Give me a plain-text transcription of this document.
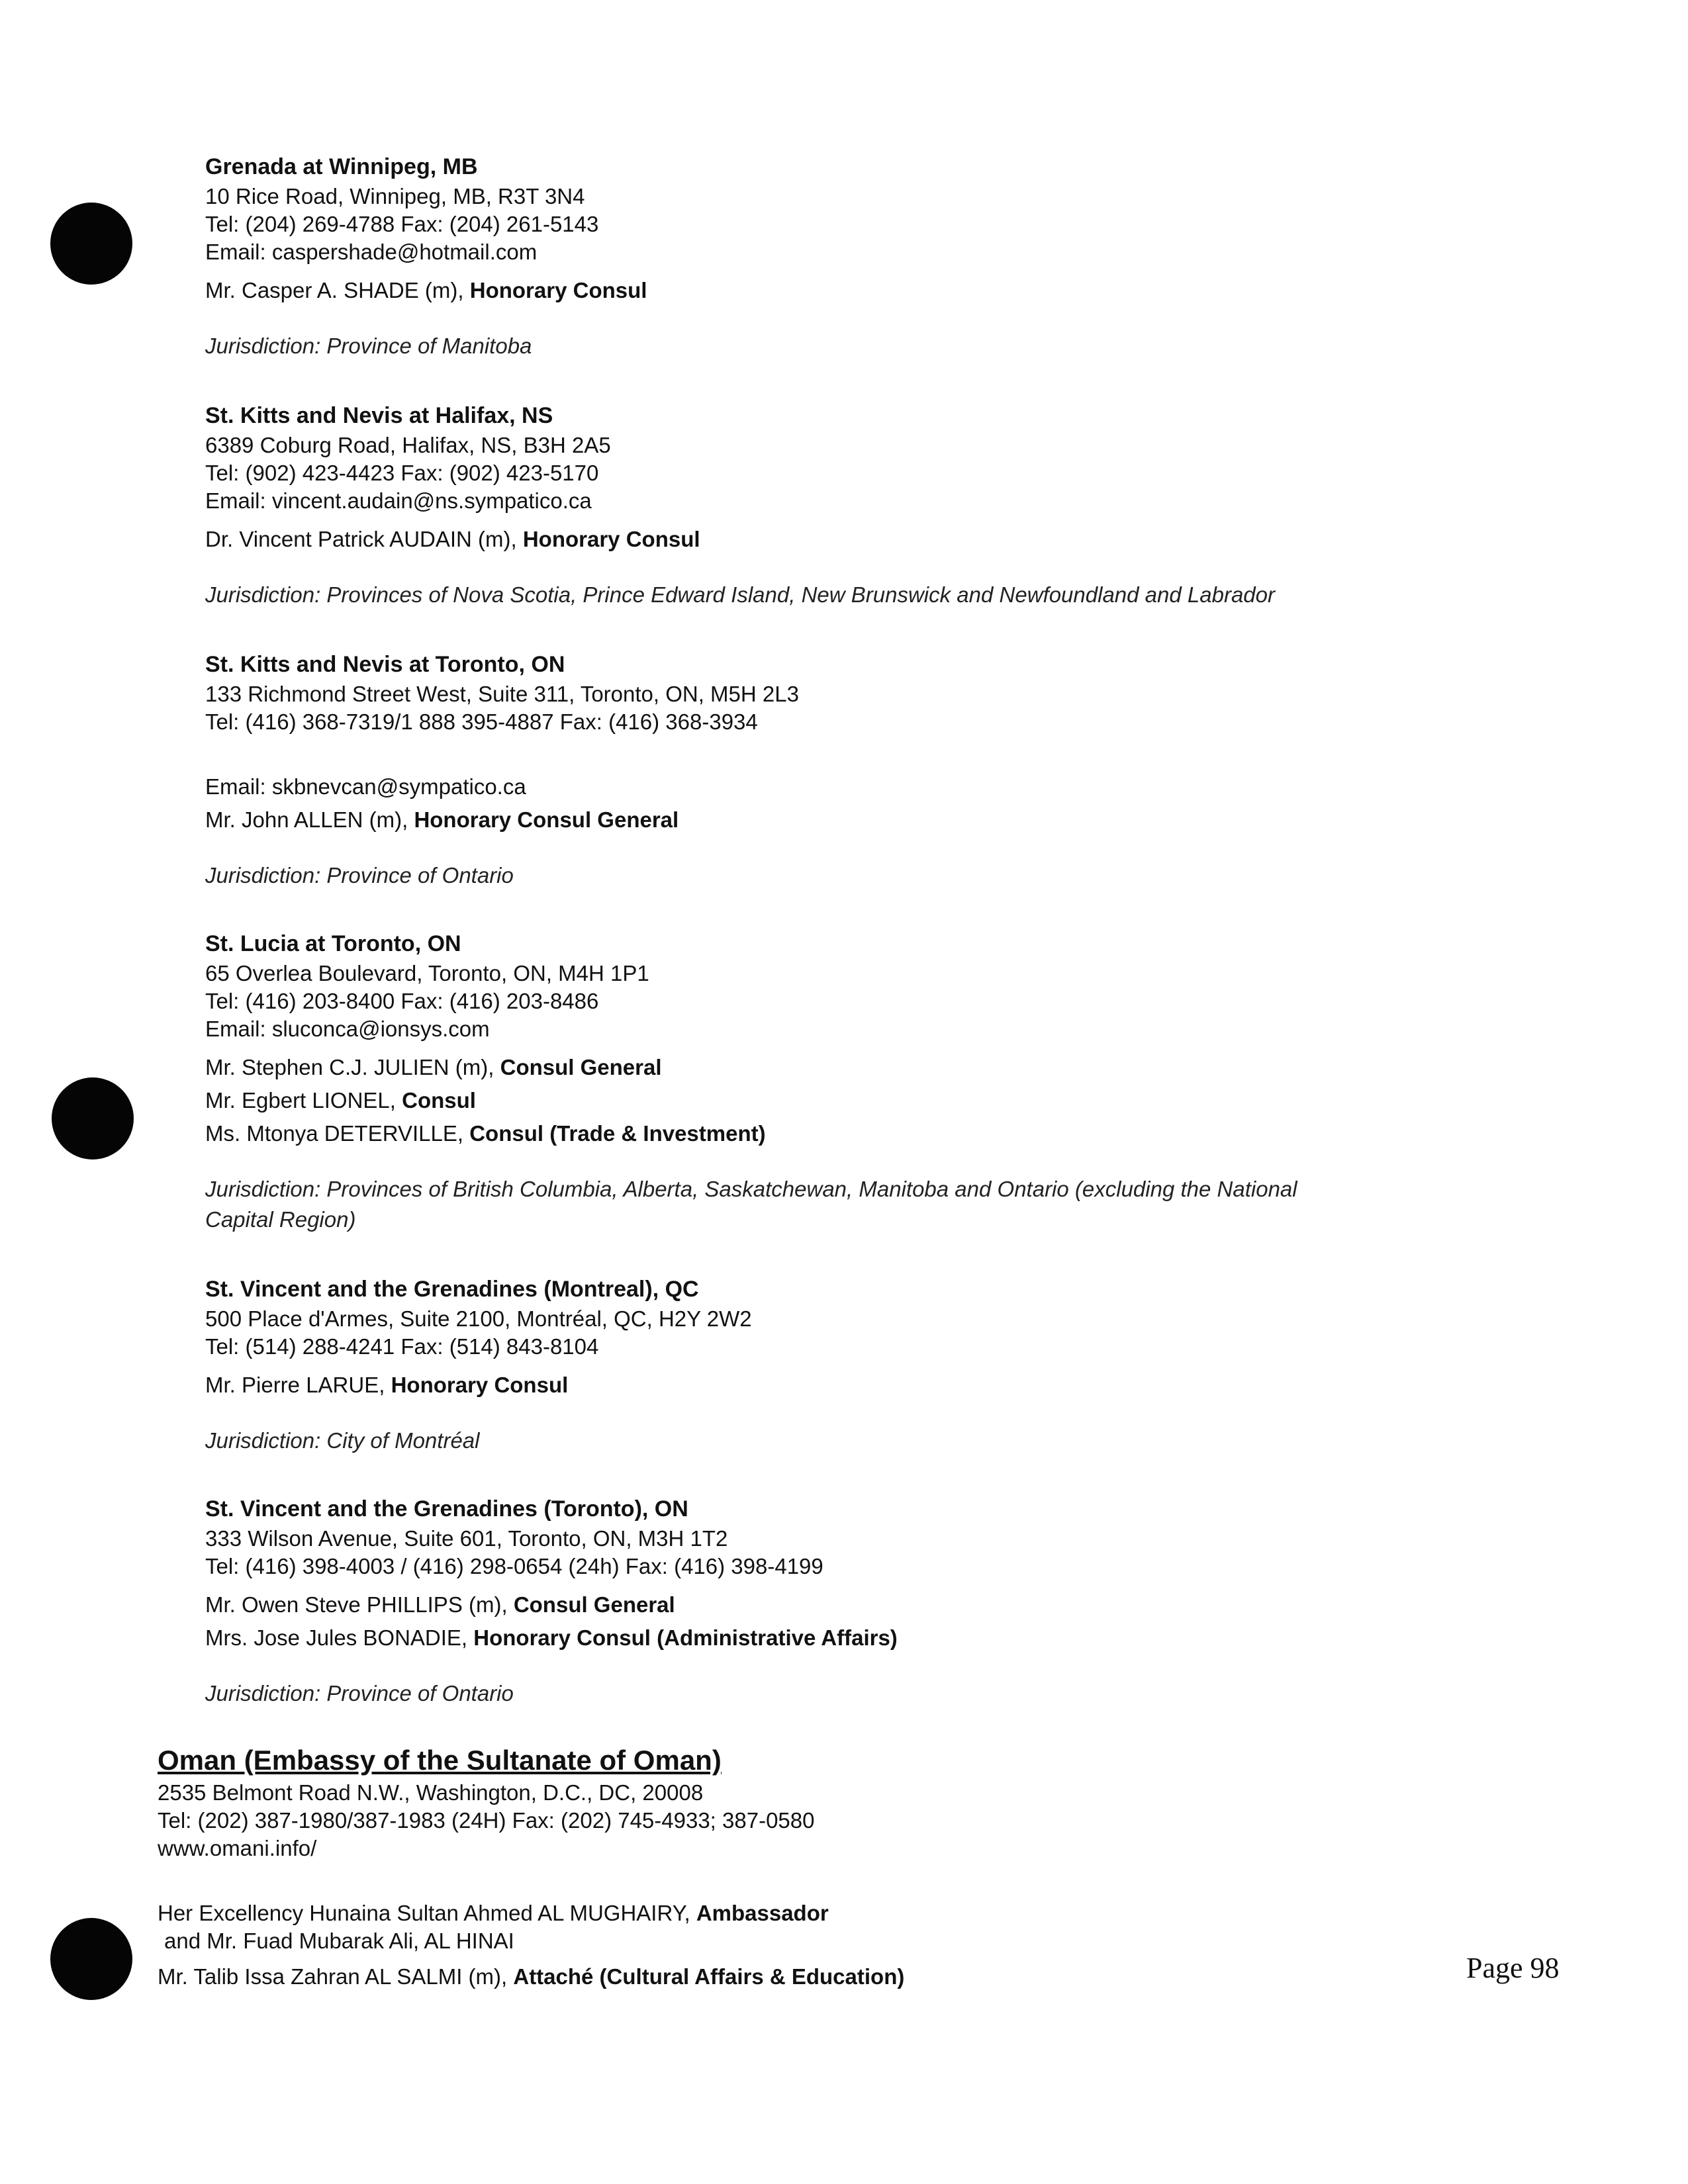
Grenada at Winnipeg, MB
10 Rice Road, Winnipeg, MB, R3T 3N4
Tel: (204) 269-4788 Fax: (204) 261-5143
Email: caspershade@hotmail.com
Mr. Casper A. SHADE (m), Honorary Consul
Jurisdiction: Province of Manitoba
St. Kitts and Nevis at Halifax, NS
6389 Coburg Road, Halifax, NS, B3H 2A5
Tel: (902) 423-4423 Fax: (902) 423-5170
Email: vincent.audain@ns.sympatico.ca
Dr. Vincent Patrick AUDAIN (m), Honorary Consul
Jurisdiction: Provinces of Nova Scotia, Prince Edward Island, New Brunswick and Newfoundland and Labrador
St. Kitts and Nevis at Toronto, ON
133 Richmond Street West, Suite 311, Toronto, ON, M5H 2L3
Tel: (416) 368-7319/1 888 395-4887 Fax: (416) 368-3934
Email: skbnevcan@sympatico.ca
Mr. John ALLEN (m), Honorary Consul General
Jurisdiction: Province of Ontario
St. Lucia at Toronto, ON
65 Overlea Boulevard, Toronto, ON, M4H 1P1
Tel: (416) 203-8400 Fax: (416) 203-8486
Email: sluconca@ionsys.com
Mr. Stephen C.J. JULIEN (m), Consul General
Mr. Egbert LIONEL, Consul
Ms. Mtonya DETERVILLE, Consul (Trade & Investment)
Jurisdiction: Provinces of British Columbia, Alberta, Saskatchewan, Manitoba and Ontario (excluding the National
Capital Region)
St. Vincent and the Grenadines (Montreal), QC
500 Place d'Armes, Suite 2100, Montréal, QC, H2Y 2W2
Tel: (514) 288-4241 Fax: (514) 843-8104
Mr. Pierre LARUE, Honorary Consul
Jurisdiction: City of Montréal
St. Vincent and the Grenadines (Toronto), ON
333 Wilson Avenue, Suite 601, Toronto, ON, M3H 1T2
Tel: (416) 398-4003 / (416) 298-0654 (24h) Fax: (416) 398-4199
Mr. Owen Steve PHILLIPS (m), Consul General
Mrs. Jose Jules BONADIE, Honorary Consul (Administrative Affairs)
Jurisdiction: Province of Ontario
Oman (Embassy of the Sultanate of Oman)
2535 Belmont Road N.W., Washington, D.C., DC, 20008
Tel: (202) 387-1980/387-1983 (24H) Fax: (202) 745-4933; 387-0580
www.omani.info/
Her Excellency Hunaina Sultan Ahmed AL MUGHAIRY, Ambassador
and Mr. Fuad Mubarak Ali, AL HINAI
Mr. Talib Issa Zahran AL SALMI (m), Attaché (Cultural Affairs & Education)	Page 98
